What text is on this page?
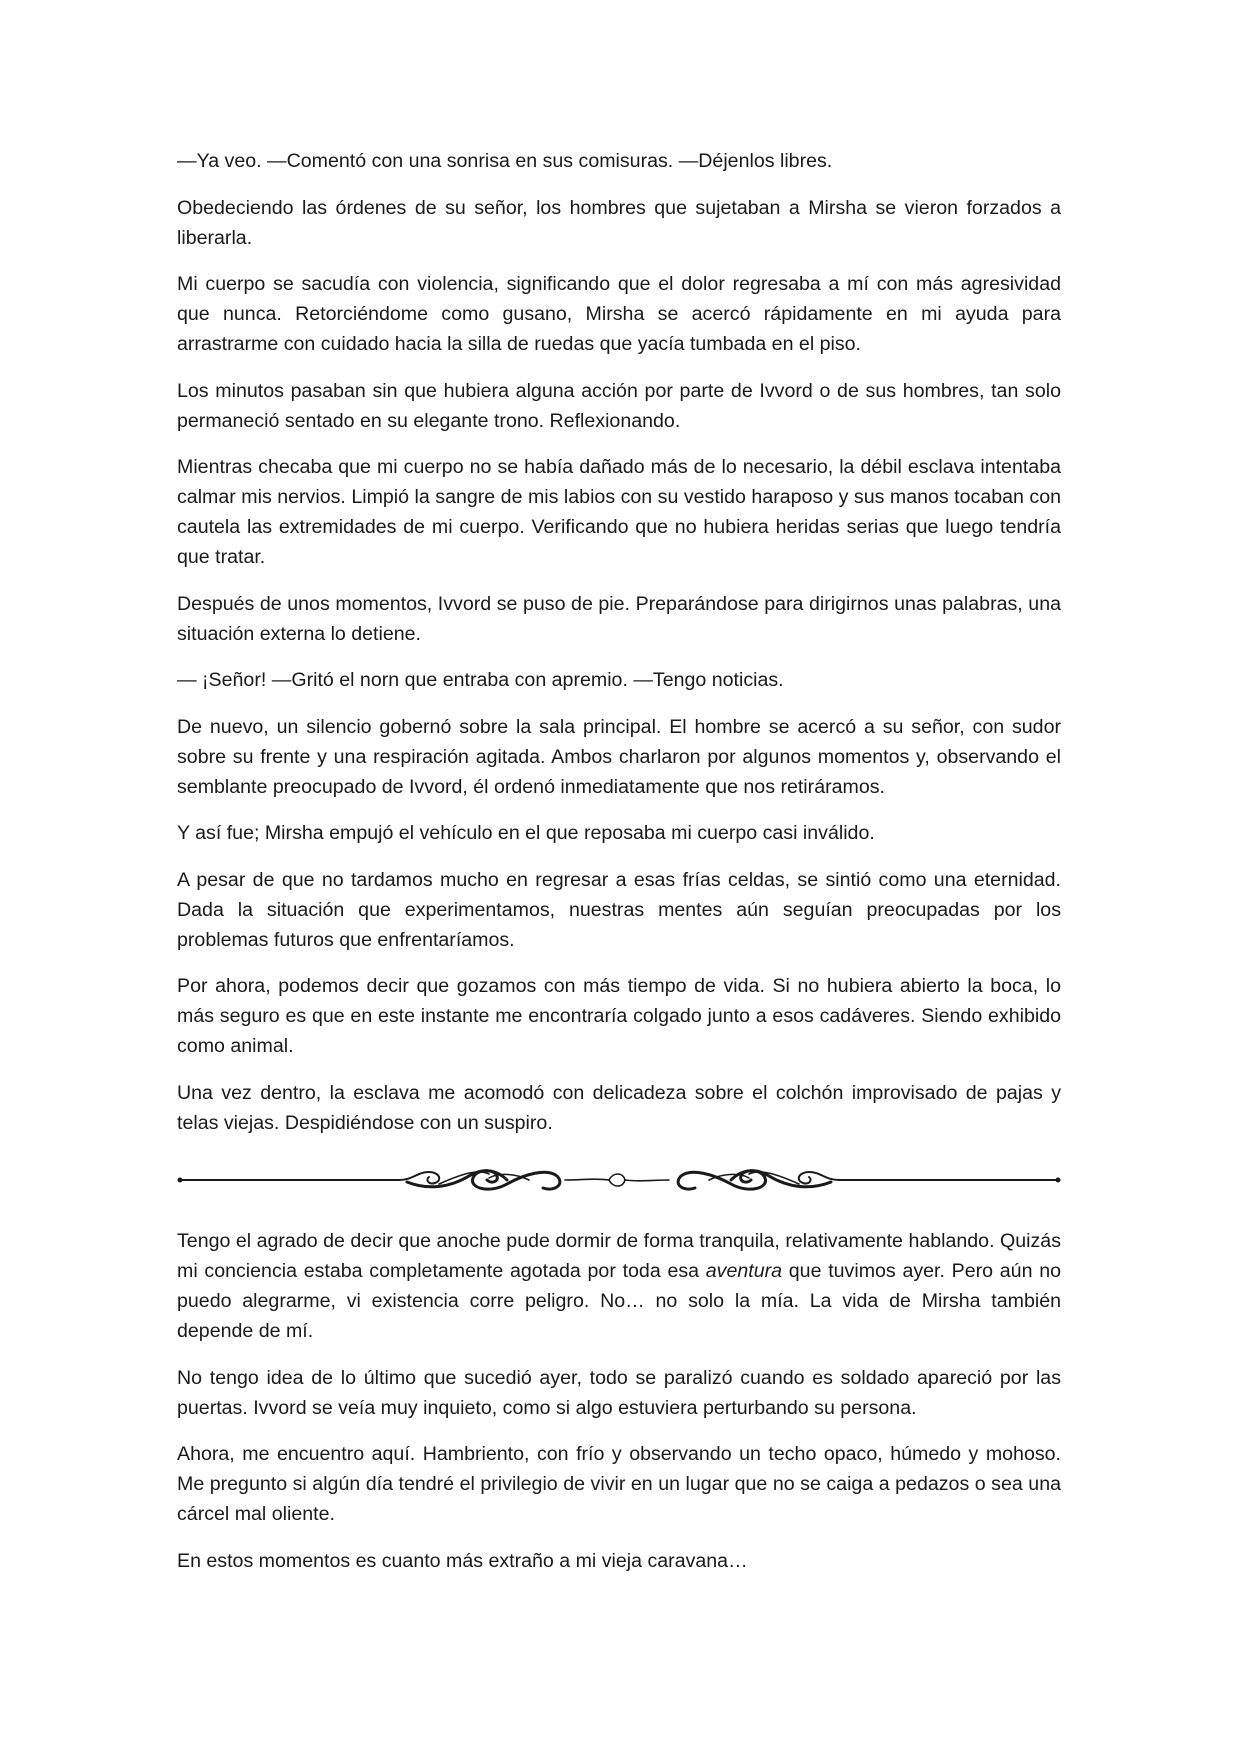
—Ya veo. —Comentó con una sonrisa en sus comisuras. —Déjenlos libres.

Obedeciendo las órdenes de su señor, los hombres que sujetaban a Mirsha se vieron forzados a liberarla.

Mi cuerpo se sacudía con violencia, significando que el dolor regresaba a mí con más agresividad que nunca. Retorciéndome como gusano, Mirsha se acercó rápidamente en mi ayuda para arrastrarme con cuidado hacia la silla de ruedas que yacía tumbada en el piso.

Los minutos pasaban sin que hubiera alguna acción por parte de Ivvord o de sus hombres, tan solo permaneció sentado en su elegante trono. Reflexionando.

Mientras checaba que mi cuerpo no se había dañado más de lo necesario, la débil esclava intentaba calmar mis nervios. Limpió la sangre de mis labios con su vestido haraposo y sus manos tocaban con cautela las extremidades de mi cuerpo. Verificando que no hubiera heridas serias que luego tendría que tratar.

Después de unos momentos, Ivvord se puso de pie. Preparándose para dirigirnos unas palabras, una situación externa lo detiene.

— ¡Señor! —Gritó el norn que entraba con apremio. —Tengo noticias.

De nuevo, un silencio gobernó sobre la sala principal. El hombre se acercó a su señor, con sudor sobre su frente y una respiración agitada. Ambos charlaron por algunos momentos y, observando el semblante preocupado de Ivvord, él ordenó inmediatamente que nos retiráramos.

Y así fue; Mirsha empujó el vehículo en el que reposaba mi cuerpo casi inválido.

A pesar de que no tardamos mucho en regresar a esas frías celdas, se sintió como una eternidad. Dada la situación que experimentamos, nuestras mentes aún seguían preocupadas por los problemas futuros que enfrentaríamos.

Por ahora, podemos decir que gozamos con más tiempo de vida. Si no hubiera abierto la boca, lo más seguro es que en este instante me encontraría colgado junto a esos cadáveres. Siendo exhibido como animal.

Una vez dentro, la esclava me acomodó con delicadeza sobre el colchón improvisado de pajas y telas viejas. Despidiéndose con un suspiro.

Tengo el agrado de decir que anoche pude dormir de forma tranquila, relativamente hablando. Quizás mi conciencia estaba completamente agotada por toda esa aventura que tuvimos ayer. Pero aún no puedo alegrarme, vi existencia corre peligro. No… no solo la mía. La vida de Mirsha también depende de mí.

No tengo idea de lo último que sucedió ayer, todo se paralizó cuando es soldado apareció por las puertas. Ivvord se veía muy inquieto, como si algo estuviera perturbando su persona.

Ahora, me encuentro aquí. Hambriento, con frío y observando un techo opaco, húmedo y mohoso. Me pregunto si algún día tendré el privilegio de vivir en un lugar que no se caiga a pedazos o sea una cárcel mal oliente.

En estos momentos es cuanto más extraño a mi vieja caravana…
